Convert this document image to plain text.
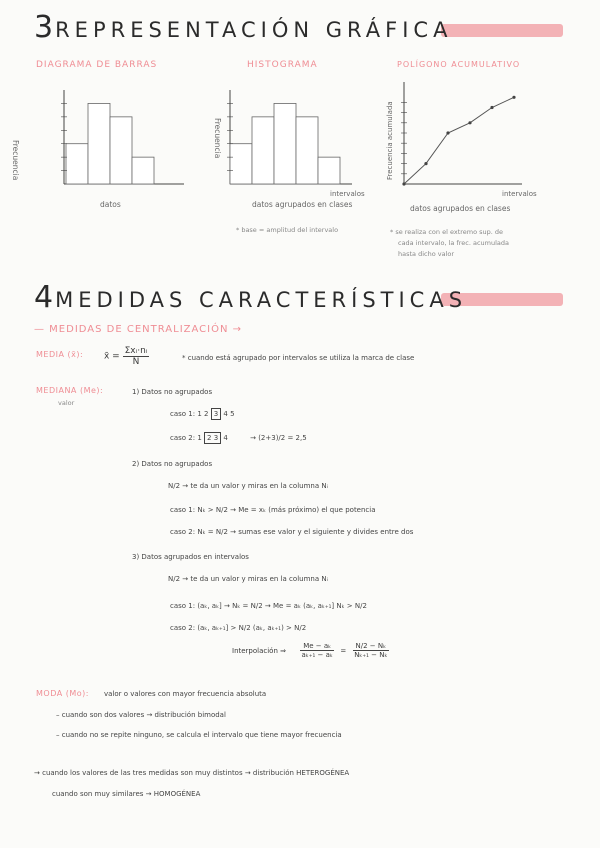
3REPRESENTACIÓN GRÁFICA
DIAGRAMA DE BARRAS	HISTOGRAMA	POLÍGONO ACUMULATIVO
Frecuencia
datos
Frecuencia
intervalos
datos agrupados en clases
* base = amplitud del intervalo
Frecuencia acumulada
intervalos
datos agrupados en clases
* se realiza con el extremo sup. de
cada intervalo, la frec. acumulada
hasta dicho valor
4MEDIDAS CARACTERÍSTICAS
— MEDIDAS DE CENTRALIZACIÓN →
MEDIA (x̄): x̄ =
Σxᵢ·nᵢ
N	* cuando está agrupado por intervalos se utiliza la marca de clase
MEDIANA (Me):
valor
1) Datos no agrupados
caso 1: 1 2 3 4 5
caso 2: 1 2 3 4	→ (2+3)/2 = 2,5
2) Datos no agrupados
N/2 → te da un valor y miras en la columna Nᵢ
caso 1: Nₖ > N/2 → Me = xₖ (más próximo) el que potencia
caso 2: Nₖ = N/2 → sumas ese valor y el siguiente y divides entre dos
3) Datos agrupados en intervalos
N/2 → te da un valor y miras en la columna Nᵢ
caso 1: (aₖ, aₖ] → Nₖ = N/2 → Me = aₖ (aₖ, aₖ₊₁] Nₖ > N/2
caso 2: (aₖ, aₖ₊₁] > N/2 (aₖ, aₖ₊₁) > N/2
Interpolación ⇒ $\frac{\text{Me − aₖ}}{\text{aₖ₊₁ − aₖ}} = \frac{\text{N/2 − Nₖ}}{\text{Nₖ₊₁ − Nₖ}}$
MODA (Mo): valor o valores con mayor frecuencia absoluta
– cuando son dos valores → distribución bimodal
– cuando no se repite ninguno, se calcula el intervalo que tiene mayor frecuencia
→ cuando los valores de las tres medidas son muy distintos → distribución HETEROGÉNEA
cuando son muy similares → HOMOGÉNEA
